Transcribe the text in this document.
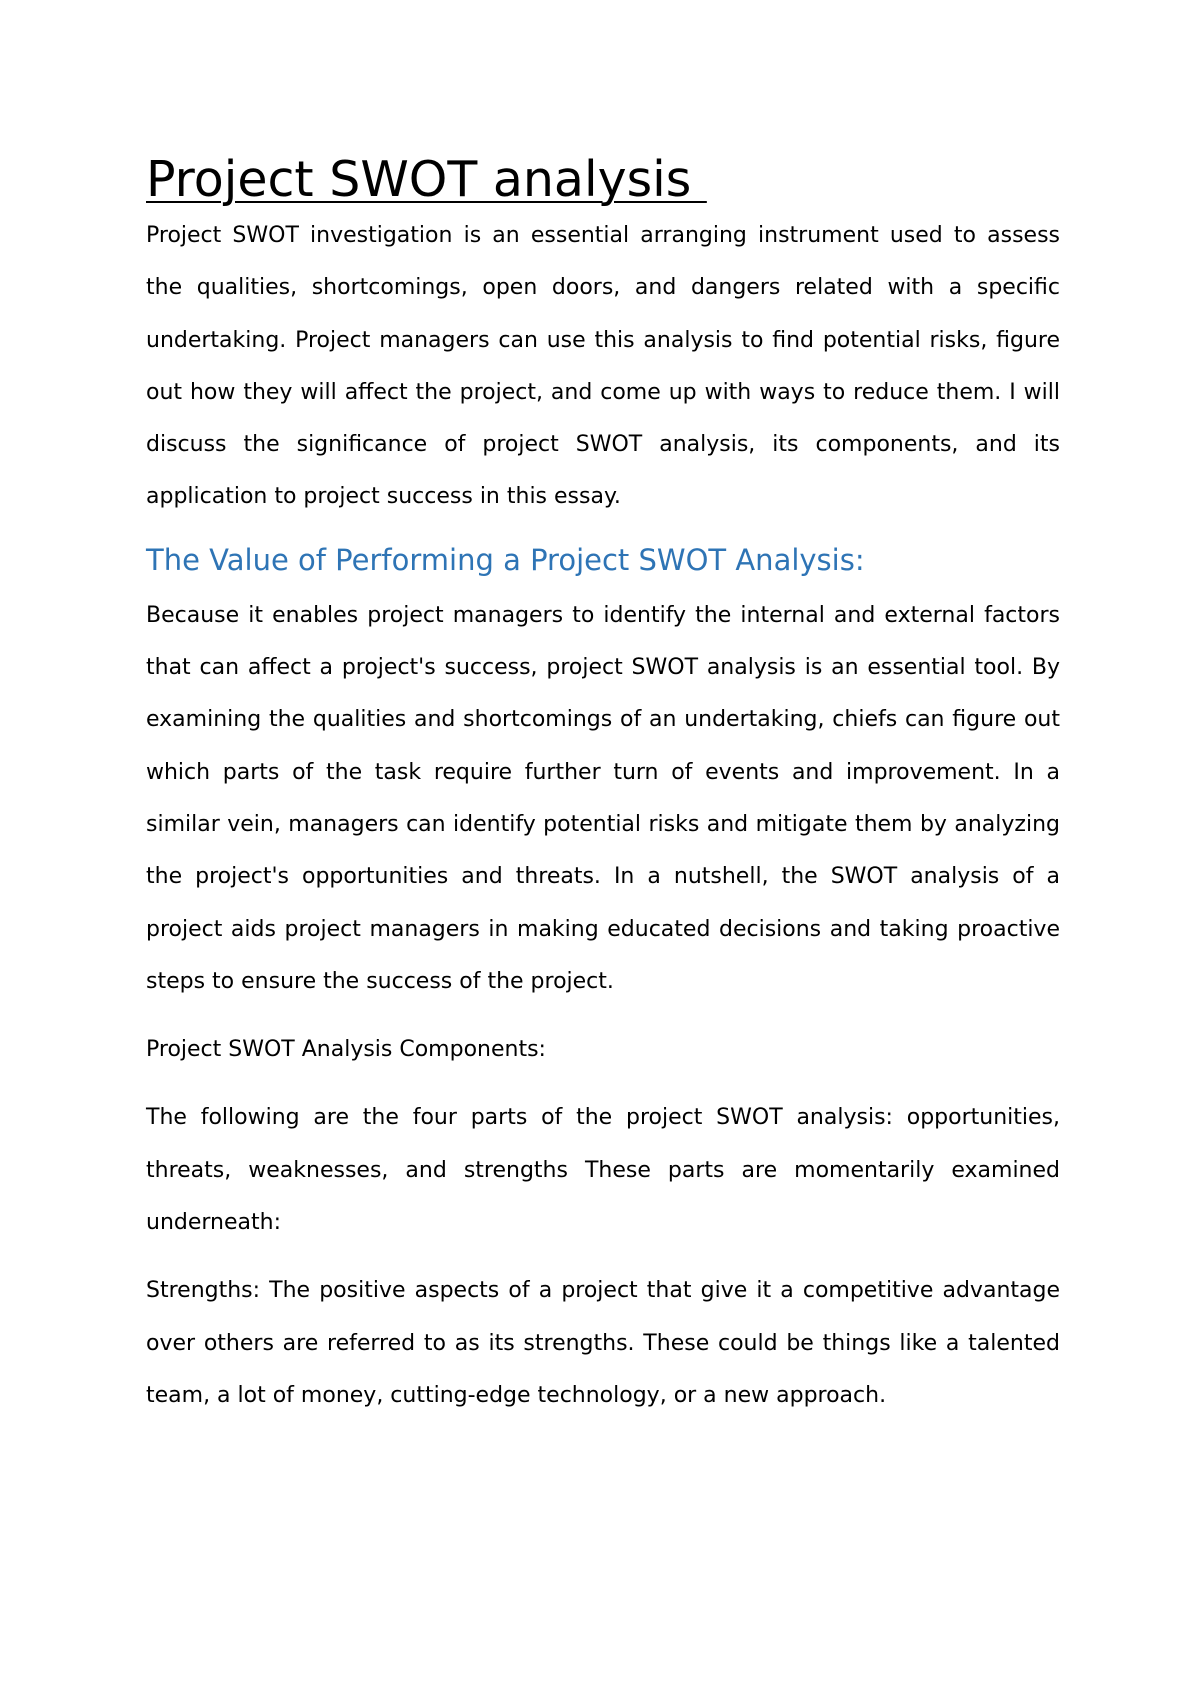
Project SWOT analysis

Project SWOT investigation is an essential arranging instrument used to assess the qualities, shortcomings, open doors, and dangers related with a specific undertaking. Project managers can use this analysis to find potential risks, figure out how they will affect the project, and come up with ways to reduce them. I will discuss the significance of project SWOT analysis, its components, and its application to project success in this essay.

The Value of Performing a Project SWOT Analysis:

Because it enables project managers to identify the internal and external factors that can affect a project's success, project SWOT analysis is an essential tool. By examining the qualities and shortcomings of an undertaking, chiefs can figure out which parts of the task require further turn of events and improvement. In a similar vein, managers can identify potential risks and mitigate them by analyzing the project's opportunities and threats. In a nutshell, the SWOT analysis of a project aids project managers in making educated decisions and taking proactive steps to ensure the success of the project.

Project SWOT Analysis Components:

The following are the four parts of the project SWOT analysis: opportunities, threats, weaknesses, and strengths These parts are momentarily examined underneath:

Strengths: The positive aspects of a project that give it a competitive advantage over others are referred to as its strengths. These could be things like a talented team, a lot of money, cutting-edge technology, or a new approach.
